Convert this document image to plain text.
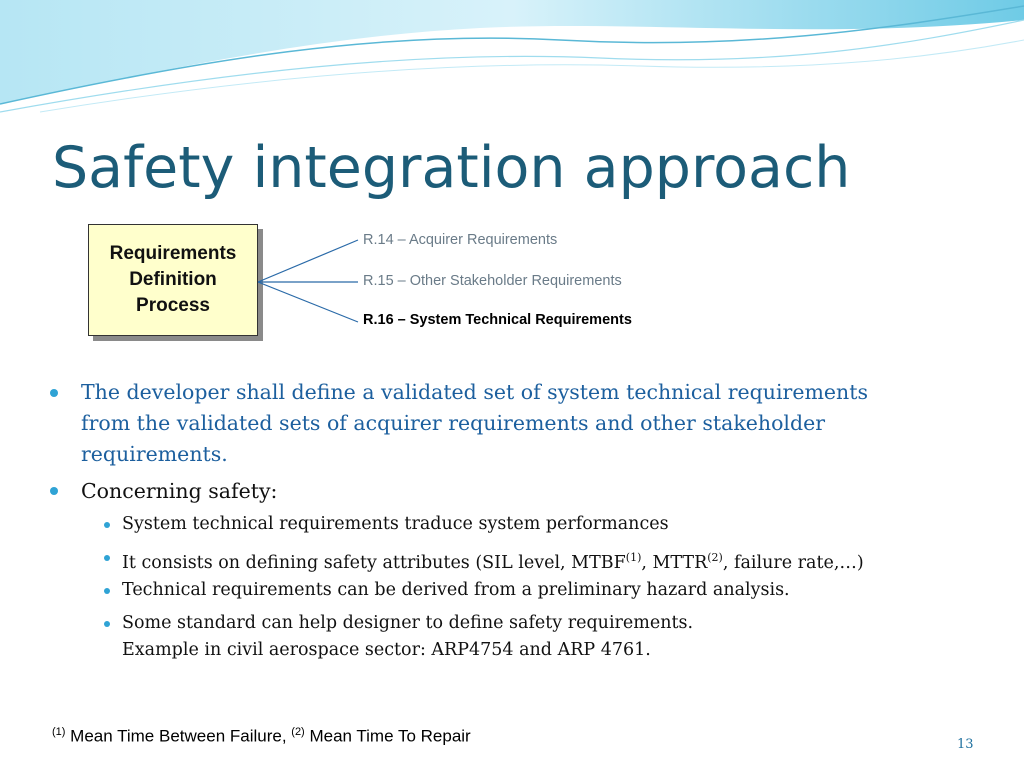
Safety integration approach
Requirements
Definition
Process
R.14 – Acquirer Requirements
R.15 – Other Stakeholder Requirements
R.16 – System Technical Requirements
The developer shall define a validated set of system technical requirements from the validated sets of acquirer requirements and other stakeholder requirements.
Concerning safety:
System technical requirements traduce system performances
It consists on defining safety attributes (SIL level, MTBF$^{(1)}$, MTTR$^{(2)}$, failure rate,…)
Technical requirements can be derived from a preliminary hazard analysis.
Some standard can help designer to define safety requirements.
Example in civil aerospace sector: ARP4754 and ARP 4761.
$^{(1)}$ Mean Time Between Failure, $^{(2)}$ Mean Time To Repair	13
